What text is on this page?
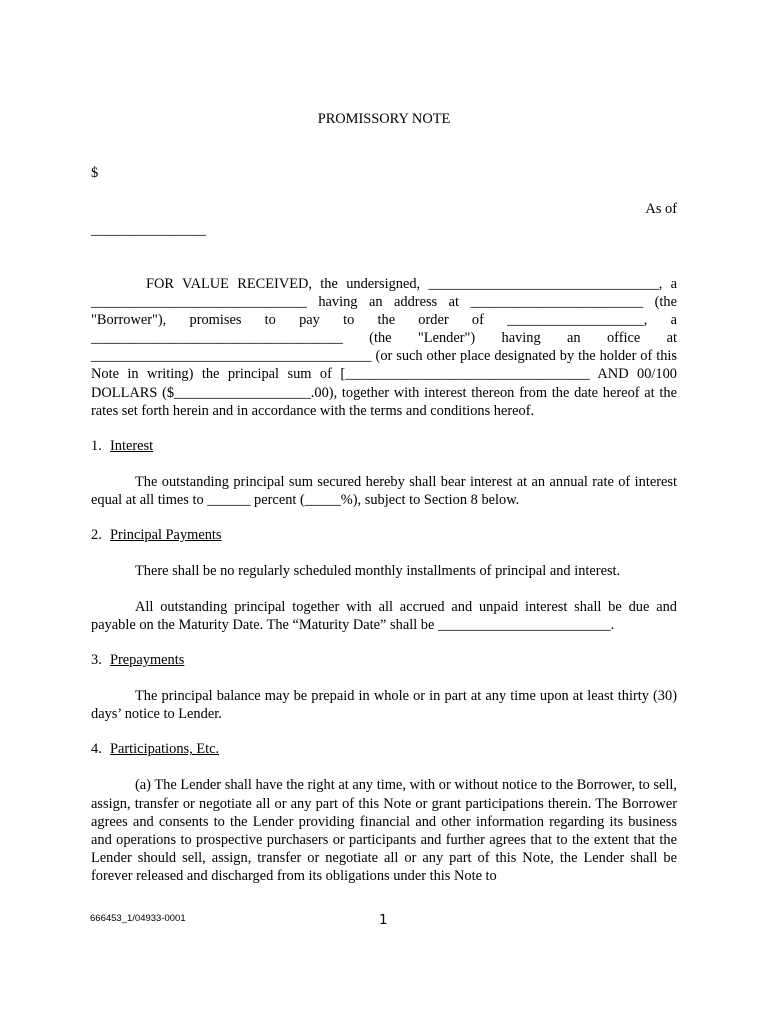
PROMISSORY NOTE

$

As of

________________

FOR VALUE RECEIVED, the undersigned, ________________________________, a ______________________________ having an address at ________________________ (the "Borrower"), promises to pay to the order of ___________________, a ___________________________________ (the "Lender") having an office at _______________________________________ (or such other place designated by the holder of this Note in writing) the principal sum of [__________________________________ AND 00/100 DOLLARS ($___________________.00), together with interest thereon from the date hereof at the rates set forth herein and in accordance with the terms and conditions hereof.

1. Interest

The outstanding principal sum secured hereby shall bear interest at an annual rate of interest equal at all times to ______ percent (_____%), subject to Section 8 below.

2. Principal Payments

There shall be no regularly scheduled monthly installments of principal and interest.

All outstanding principal together with all accrued and unpaid interest shall be due and payable on the Maturity Date. The “Maturity Date” shall be ________________________.

3. Prepayments

The principal balance may be prepaid in whole or in part at any time upon at least thirty (30) days’ notice to Lender.

4. Participations, Etc.

(a) The Lender shall have the right at any time, with or without notice to the Borrower, to sell, assign, transfer or negotiate all or any part of this Note or grant participations therein. The Borrower agrees and consents to the Lender providing financial and other information regarding its business and operations to prospective purchasers or participants and further agrees that to the extent that the Lender should sell, assign, transfer or negotiate all or any part of this Note, the Lender shall be forever released and discharged from its obligations under this Note to

666453_1/04933-0001	1
